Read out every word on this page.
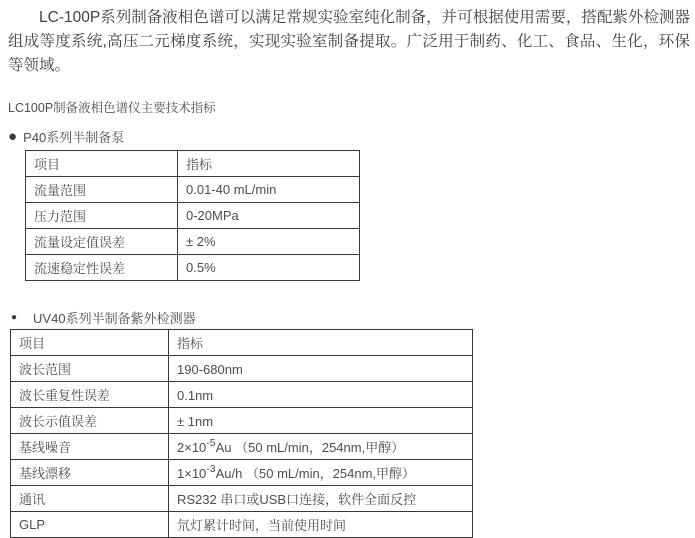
LC-100P系列制备液相色谱可以满足常规实验室纯化制备，并可根据使用需要，搭配紫外检测器组成等度系统,高压二元梯度系统，实现实验室制备提取。广泛用于制药、化工、食品、生化，环保等领域。

LC100P制备液相色谱仪主要技术指标
● P40系列半制备泵
项目	指标
流量范围	0.01-40 mL/min
压力范围	0-20MPa
流量设定值误差	± 2%
流速稳定性误差	0.5%
● UV40系列半制备紫外检测器
项目	指标
波长范围	190-680nm
波长重复性误差	0.1nm
波长示值误差	± 1nm
基线噪音	$2\times 10^{-5}Au$ （50 mL/min，254nm,甲醇）
基线漂移	$1\times 10^{-3}Au/h$ （50 mL/min，254nm,甲醇）
通讯	RS232 串口或USB口连接，软件全面反控
GLP	氘灯累计时间，当前使用时间
